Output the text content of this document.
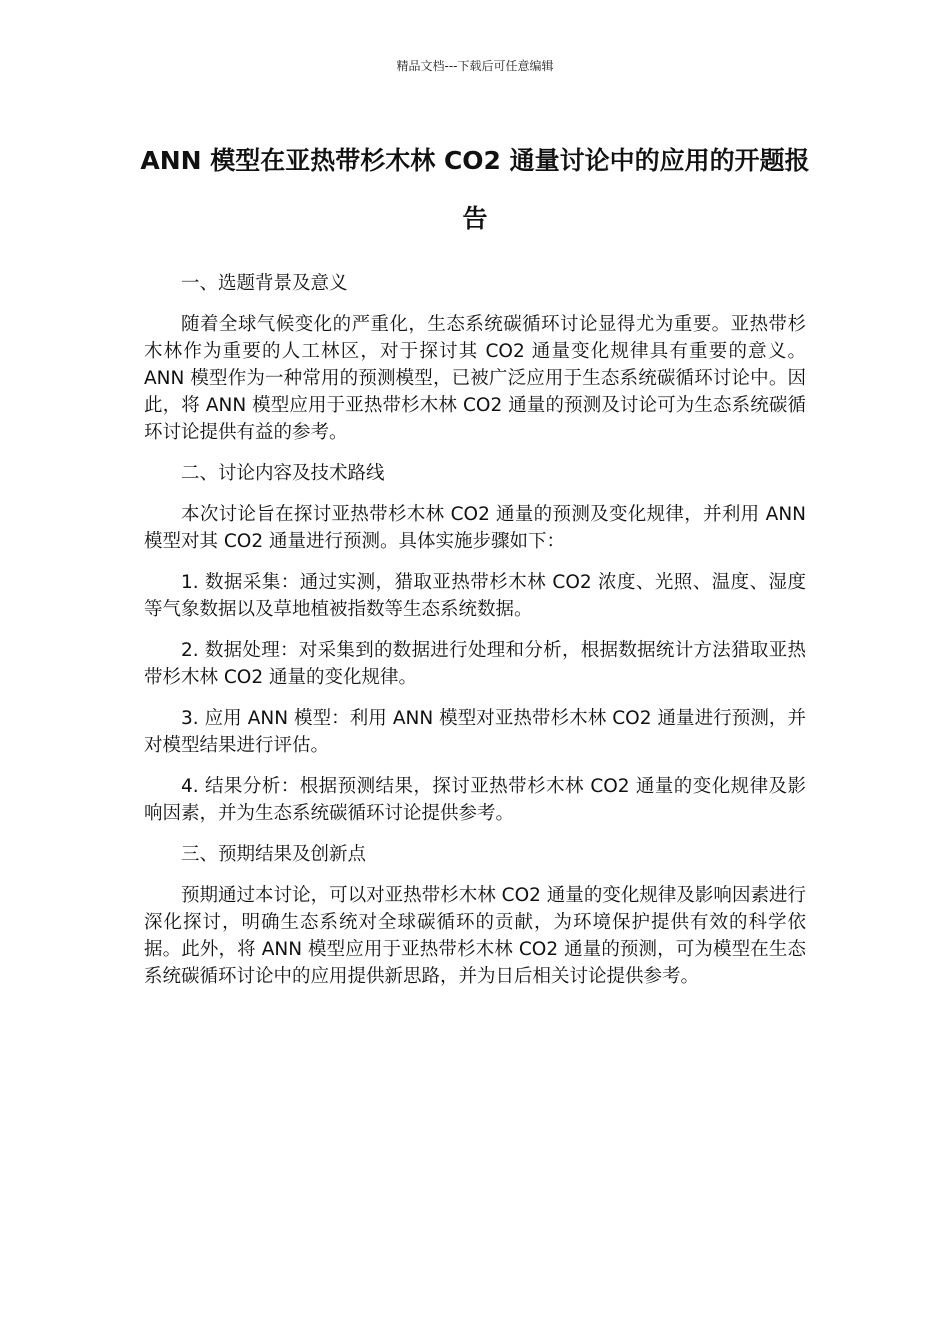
精品文档---下载后可任意编辑
ANN 模型在亚热带杉木林 CO2 通量讨论中的应用的开题报告

一、选题背景及意义

随着全球气候变化的严重化，生态系统碳循环讨论显得尤为重要。亚热带杉木林作为重要的人工林区，对于探讨其 CO2 通量变化规律具有重要的意义。ANN 模型作为一种常用的预测模型，已被广泛应用于生态系统碳循环讨论中。因此，将 ANN 模型应用于亚热带杉木林 CO2 通量的预测及讨论可为生态系统碳循环讨论提供有益的参考。

二、讨论内容及技术路线

本次讨论旨在探讨亚热带杉木林 CO2 通量的预测及变化规律，并利用 ANN 模型对其 CO2 通量进行预测。具体实施步骤如下：

1. 数据采集：通过实测，猎取亚热带杉木林 CO2 浓度、光照、温度、湿度等气象数据以及草地植被指数等生态系统数据。

2. 数据处理：对采集到的数据进行处理和分析，根据数据统计方法猎取亚热带杉木林 CO2 通量的变化规律。

3. 应用 ANN 模型：利用 ANN 模型对亚热带杉木林 CO2 通量进行预测，并对模型结果进行评估。

4. 结果分析：根据预测结果，探讨亚热带杉木林 CO2 通量的变化规律及影响因素，并为生态系统碳循环讨论提供参考。

三、预期结果及创新点

预期通过本讨论，可以对亚热带杉木林 CO2 通量的变化规律及影响因素进行深化探讨，明确生态系统对全球碳循环的贡献，为环境保护提供有效的科学依据。此外，将 ANN 模型应用于亚热带杉木林 CO2 通量的预测，可为模型在生态系统碳循环讨论中的应用提供新思路，并为日后相关讨论提供参考。
